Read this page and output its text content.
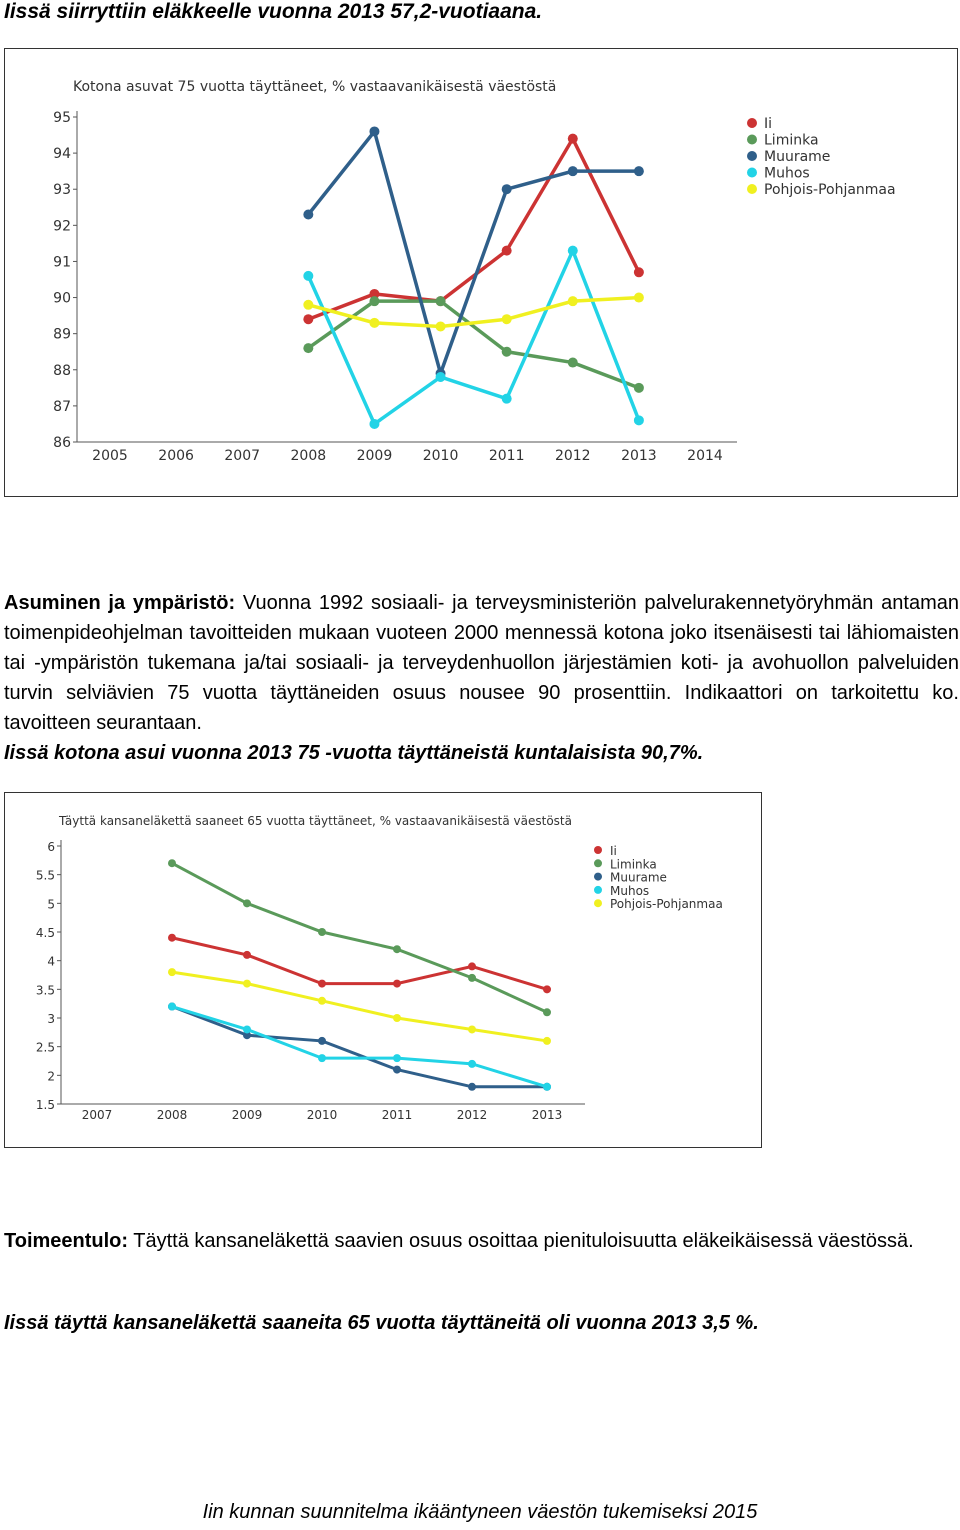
Iissä siirryttiin eläkkeelle vuonna 2013 57,2-vuotiaana.
Kotona asuvat 75 vuotta täyttäneet, % vastaavanikäisestä väestöstä
86
87
88
89
90
91
92
93
94
95
2005 2006 2007 2008 2009 2010 2011 2012 2013 2014
Ii
Liminka
Muurame
Muhos
Pohjois-Pohjanmaa
Asuminen ja ympäristö: Vuonna 1992 sosiaali- ja terveysministeriön palvelurakennetyöryhmän antaman toimenpideohjelman tavoitteiden mukaan vuoteen 2000 mennessä kotona joko itsenäisesti tai lähiomaisten tai -ympäristön tukemana ja/tai sosiaali- ja terveydenhuollon järjestämien koti- ja avohuollon palveluiden turvin selviävien 75 vuotta täyttäneiden osuus nousee 90 prosenttiin. Indikaattori on tarkoitettu ko. tavoitteen seurantaan.
Iissä kotona asui vuonna 2013 75 -vuotta täyttäneistä kuntalaisista 90,7%.
Täyttä kansaneläkettä saaneet 65 vuotta täyttäneet, % vastaavanikäisestä väestöstä
1.5
2
2.5
3
3.5
4
4.5
5
5.5
6
2007	2008	2009	2010	2011	2012	2013
Ii
Liminka
Muurame
Muhos
Pohjois-Pohjanmaa
Toimeentulo: Täyttä kansaneläkettä saavien osuus osoittaa pienituloisuutta eläkeikäisessä väestössä.
Iissä täyttä kansaneläkettä saaneita 65 vuotta täyttäneitä oli vuonna 2013 3,5 %.
Iin kunnan suunnitelma ikääntyneen väestön tukemiseksi 2015
